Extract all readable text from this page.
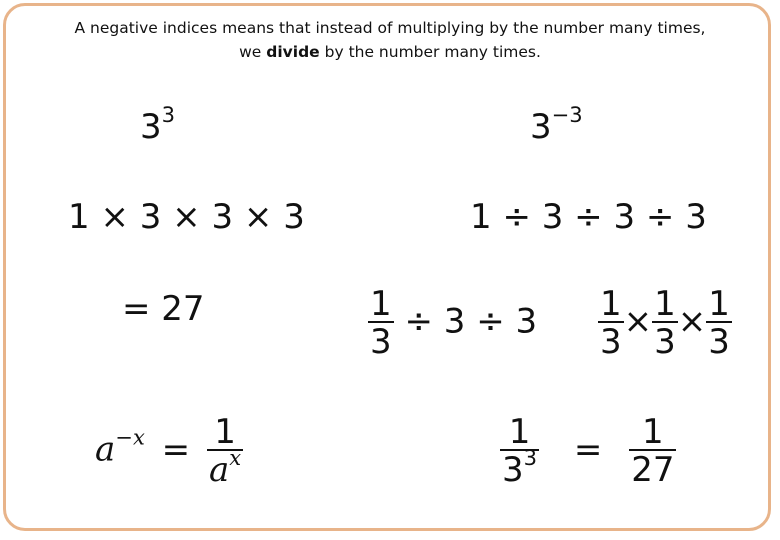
A negative indices means that instead of multiplying by the number many times,
we divide by the number many times.
$3^3$
1 × 3 × 3 × 3
= 27
$a^{-x} = \frac{1}{a^x}$
$3^{-3}$
1 ÷ 3 ÷ 3 ÷ 3
$\frac{1}{3} \div 3 \div 3 \frac{1}{3} \times \frac{1}{3} \times \frac{1}{3}$
$\frac{1}{3^3} = \frac{1}{27}$
